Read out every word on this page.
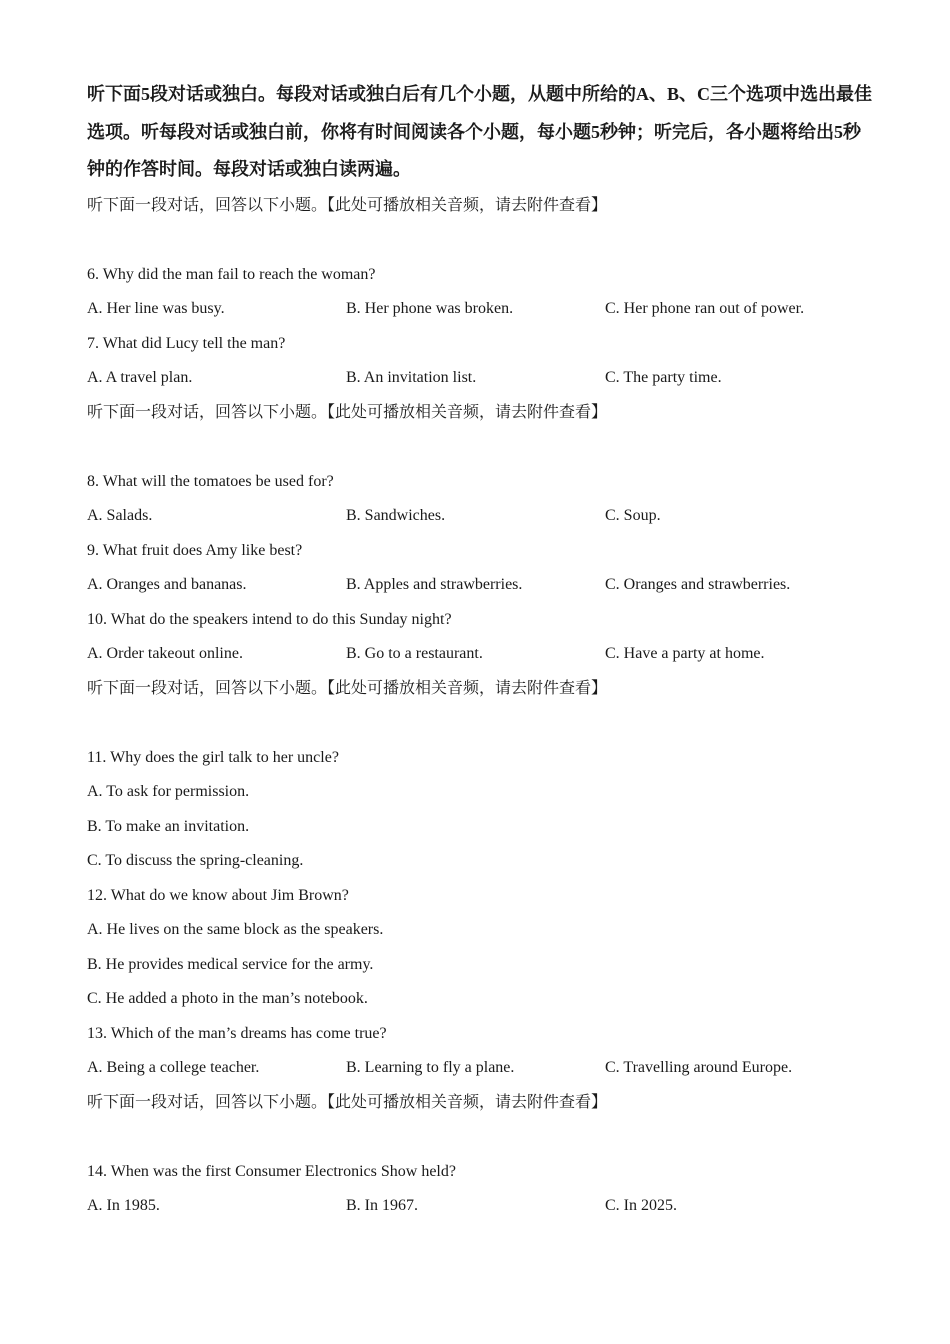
听下面5段对话或独白。每段对话或独白后有几个小题，从题中所给的A、B、C三个选项中选出最佳选项。听每段对话或独白前，你将有时间阅读各个小题，每小题5秒钟；听完后，各小题将给出5秒钟的作答时间。每段对话或独白读两遍。
听下面一段对话，回答以下小题。【此处可播放相关音频，请去附件查看】
6. Why did the man fail to reach the woman?
A. Her line was busy.	B. Her phone was broken.	C. Her phone ran out of power.
7. What did Lucy tell the man?
A. A travel plan.	B. An invitation list.	C. The party time.
听下面一段对话，回答以下小题。【此处可播放相关音频，请去附件查看】
8. What will the tomatoes be used for?
A. Salads.	B. Sandwiches.	C. Soup.
9. What fruit does Amy like best?
A. Oranges and bananas.	B. Apples and strawberries.	C. Oranges and strawberries.
10. What do the speakers intend to do this Sunday night?
A. Order takeout online.	B. Go to a restaurant.	C. Have a party at home.
听下面一段对话，回答以下小题。【此处可播放相关音频，请去附件查看】
11. Why does the girl talk to her uncle?
A. To ask for permission.
B. To make an invitation.
C. To discuss the spring-cleaning.
12. What do we know about Jim Brown?
A. He lives on the same block as the speakers.
B. He provides medical service for the army.
C. He added a photo in the man’s notebook.
13. Which of the man’s dreams has come true?
A. Being a college teacher.	B. Learning to fly a plane.	C. Travelling around Europe.
听下面一段对话，回答以下小题。【此处可播放相关音频，请去附件查看】
14. When was the first Consumer Electronics Show held?
A. In 1985.	B. In 1967.	C. In 2025.
